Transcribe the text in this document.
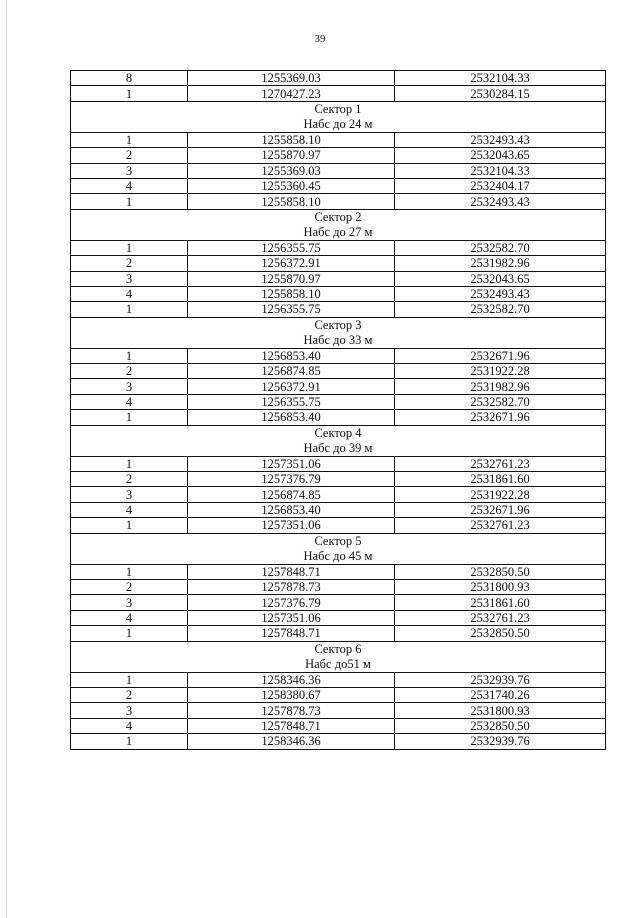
39
8	1255369.03	2532104.33
1	1270427.23	2530284.15

Сектор 1
Набс до 24 м		

1	1255858.10	2532493.43
2	1255870.97	2532043.65
3	1255369.03	2532104.33
4	1255360.45	2532404.17
1	1255858.10	2532493.43

Сектор 2
Набс до 27 м		

1	1256355.75	2532582.70
2	1256372.91	2531982.96
3	1255870.97	2532043.65
4	1255858.10	2532493.43
1	1256355.75	2532582.70

Сектор 3
Набс до 33 м		

1	1256853.40	2532671.96
2	1256874.85	2531922.28
3	1256372.91	2531982.96
4	1256355.75	2532582.70
1	1256853.40	2532671.96

Сектор 4
Набс до 39 м		

1	1257351.06	2532761.23
2	1257376.79	2531861.60
3	1256874.85	2531922.28
4	1256853.40	2532671.96
1	1257351.06	2532761.23

Сектор 5
Набс до 45 м		

1	1257848.71	2532850.50
2	1257878.73	2531800.93
3	1257376.79	2531861.60
4	1257351.06	2532761.23
1	1257848.71	2532850.50

Сектор 6
Набс до51 м		

1	1258346.36	2532939.76
2	1258380.67	2531740.26
3	1257878.73	2531800.93
4	1257848.71	2532850.50
1	1258346.36	2532939.76
